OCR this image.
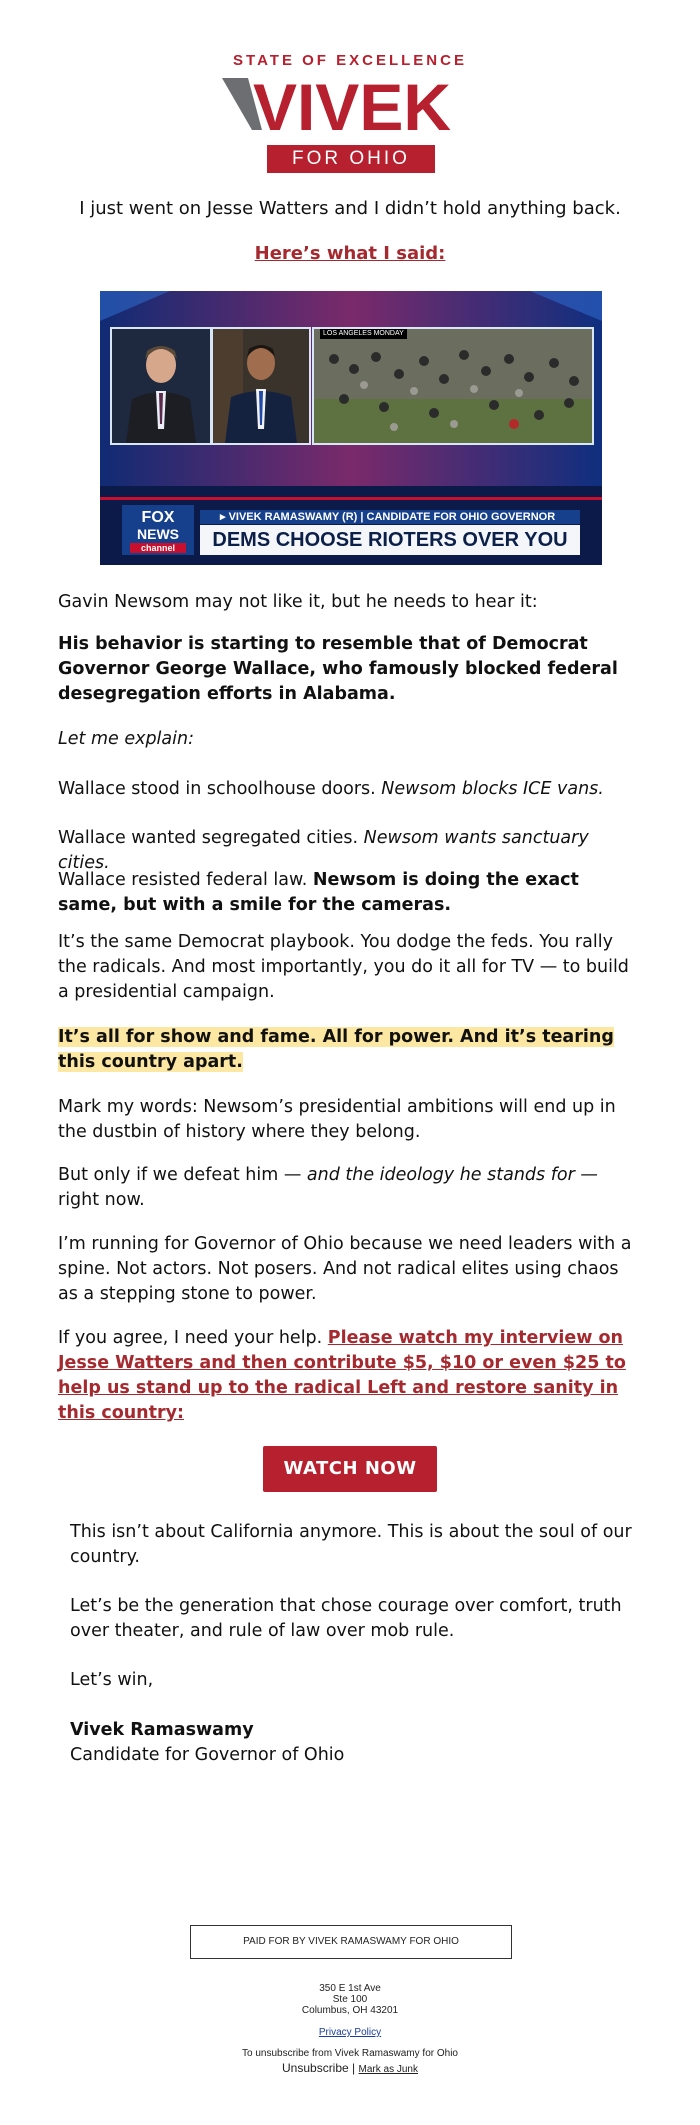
STATE OF EXCELLENCE
VIVEK
FOR OHIO
I just went on Jesse Watters and I didn’t hold anything back.
Here’s what I said:
LOS ANGELES MONDAY
FOX
NEWS
channel
▸ VIVEK RAMASWAMY (R) | CANDIDATE FOR OHIO GOVERNOR
DEMS CHOOSE RIOTERS OVER YOU
Gavin Newsom may not like it, but he needs to hear it:
His behavior is starting to resemble that of Democrat Governor George Wallace, who famously blocked federal desegregation efforts in Alabama.
Let me explain:
Wallace stood in schoolhouse doors. Newsom blocks ICE vans.
Wallace wanted segregated cities. Newsom wants sanctuary cities.
Wallace resisted federal law. Newsom is doing the exact same, but with a smile for the cameras.
It’s the same Democrat playbook. You dodge the feds. You rally the radicals. And most importantly, you do it all for TV — to build a presidential campaign.
It’s all for show and fame. All for power. And it’s tearing this country apart.
Mark my words: Newsom’s presidential ambitions will end up in the dustbin of history where they belong.
But only if we defeat him — and the ideology he stands for — right now.
I’m running for Governor of Ohio because we need leaders with a spine. Not actors. Not posers. And not radical elites using chaos as a stepping stone to power.
If you agree, I need your help. Please watch my interview on Jesse Watters and then contribute $5, $10 or even $25 to help us stand up to the radical Left and restore sanity in this country:
WATCH NOW
This isn’t about California anymore. This is about the soul of our country.
Let’s be the generation that chose courage over comfort, truth over theater, and rule of law over mob rule.
Let’s win,
Vivek Ramaswamy
Candidate for Governor of Ohio
PAID FOR BY VIVEK RAMASWAMY FOR OHIO
350 E 1st Ave
Ste 100
Columbus, OH 43201
Privacy Policy
To unsubscribe from Vivek Ramaswamy for Ohio
Unsubscribe | Mark as Junk
